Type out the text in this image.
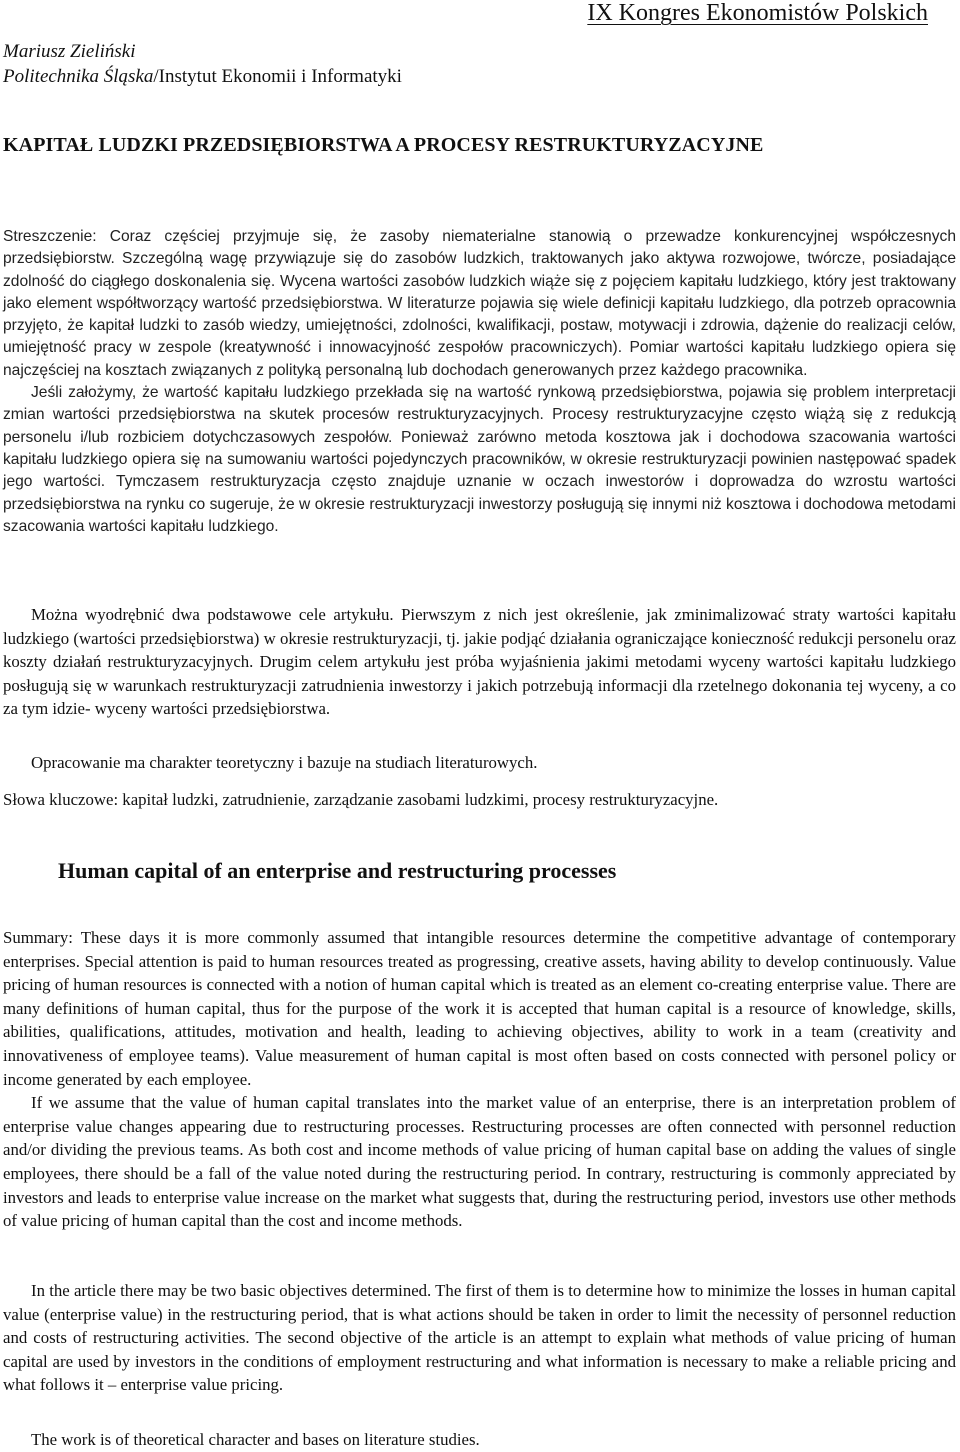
IX Kongres Ekonomistów Polskich
Mariusz Zieliński
Politechnika Śląska/Instytut Ekonomii i Informatyki
KAPITAŁ LUDZKI PRZEDSIĘBIORSTWA A PROCESY RESTRUKTURYZACYJNE

Streszczenie: Coraz częściej przyjmuje się, że zasoby niematerialne stanowią o przewadze konkurencyjnej współczesnych przedsiębiorstw. Szczególną wagę przywiązuje się do zasobów ludzkich, traktowanych jako aktywa rozwojowe, twórcze, posiadające zdolność do ciągłego doskonalenia się. Wycena wartości zasobów ludzkich wiąże się z pojęciem kapitału ludzkiego, który jest traktowany jako element współtworzący wartość przedsiębiorstwa. W literaturze pojawia się wiele definicji kapitału ludzkiego, dla potrzeb opracownia przyjęto, że kapitał ludzki to zasób wiedzy, umiejętności, zdolności, kwalifikacji, postaw, motywacji i zdrowia, dążenie do realizacji celów, umiejętność pracy w zespole (kreatywność i innowacyjność zespołów pracowniczych). Pomiar wartości kapitału ludzkiego opiera się najczęściej na kosztach związanych z polityką personalną lub dochodach generowanych przez każdego pracownika.

Jeśli założymy, że wartość kapitału ludzkiego przekłada się na wartość rynkową przedsiębiorstwa, pojawia się problem interpretacji zmian wartości przedsiębiorstwa na skutek procesów restrukturyzacyjnych. Procesy restrukturyzacyjne często wiążą się z redukcją personelu i/lub rozbiciem dotychczasowych zespołów. Ponieważ zarówno metoda kosztowa jak i dochodowa szacowania wartości kapitału ludzkiego opiera się na sumowaniu wartości pojedynczych pracowników, w okresie restrukturyzacji powinien następować spadek jego wartości. Tymczasem restrukturyzacja często znajduje uznanie w oczach inwestorów i doprowadza do wzrostu wartości przedsiębiorstwa na rynku co sugeruje, że w okresie restrukturyzacji inwestorzy posługują się innymi niż kosztowa i dochodowa metodami szacowania wartości kapitału ludzkiego.

Można wyodrębnić dwa podstawowe cele artykułu. Pierwszym z nich jest określenie, jak zminimalizować straty wartości kapitału ludzkiego (wartości przedsiębiorstwa) w okresie restrukturyzacji, tj. jakie podjąć działania ograniczające konieczność redukcji personelu oraz koszty działań restrukturyzacyjnych. Drugim celem artykułu jest próba wyjaśnienia jakimi metodami wyceny wartości kapitału ludzkiego posługują się w warunkach restrukturyzacji zatrudnienia inwestorzy i jakich potrzebują informacji dla rzetelnego dokonania tej wyceny, a co za tym idzie- wyceny wartości przedsiębiorstwa.

Opracowanie ma charakter teoretyczny i bazuje na studiach literaturowych.

Słowa kluczowe: kapitał ludzki, zatrudnienie, zarządzanie zasobami ludzkimi, procesy restrukturyzacyjne.

Human capital of an enterprise and restructuring processes

Summary: These days it is more commonly assumed that intangible resources determine the competitive advantage of contemporary enterprises. Special attention is paid to human resources treated as progressing, creative assets, having ability to develop continuously. Value pricing of human resources is connected with a notion of human capital which is treated as an element co-creating enterprise value. There are many definitions of human capital, thus for the purpose of the work it is accepted that human capital is a resource of knowledge, skills, abilities, qualifications, attitudes, motivation and health, leading to achieving objectives, ability to work in a team (creativity and innovativeness of employee teams). Value measurement of human capital is most often based on costs connected with personel policy or income generated by each employee.

If we assume that the value of human capital translates into the market value of an enterprise, there is an interpretation problem of enterprise value changes appearing due to restructuring processes. Restructuring processes are often connected with personnel reduction and/or dividing the previous teams. As both cost and income methods of value pricing of human capital base on adding the values of single employees, there should be a fall of the value noted during the restructuring period. In contrary, restructuring is commonly appreciated by investors and leads to enterprise value increase on the market what suggests that, during the restructuring period, investors use other methods of value pricing of human capital than the cost and income methods.

In the article there may be two basic objectives determined. The first of them is to determine how to minimize the losses in human capital value (enterprise value) in the restructuring period, that is what actions should be taken in order to limit the necessity of personnel reduction and costs of restructuring activities. The second objective of the article is an attempt to explain what methods of value pricing of human capital are used by investors in the conditions of employment restructuring and what information is necessary to make a reliable pricing and what follows it – enterprise value pricing.

The work is of theoretical character and bases on literature studies.
